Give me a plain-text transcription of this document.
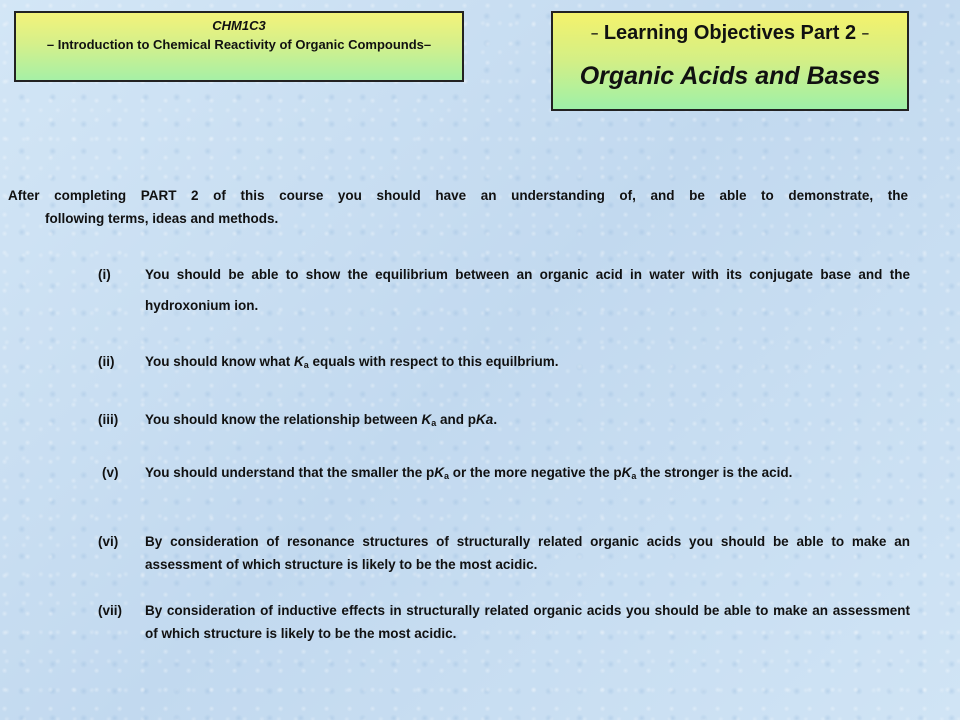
CHM1C3
– Introduction to Chemical Reactivity of Organic Compounds–
– Learning Objectives Part 2 –
Organic Acids and Bases
After completing PART 2 of this course you should have an understanding of, and be able to demonstrate, the
following terms, ideas and methods.
(i)	You should be able to show the equilibrium between an organic acid in water with its conjugate base and the hydroxonium ion.
(ii)	You should know what $K_a$ equals with respect to this equilbrium.
(iii)	You should know the relationship between $K_a$ and pKa.
(v)	You should understand that the smaller the $pK_a$ or the more negative the $pK_a$ the stronger is the acid.
(vi)	By consideration of resonance structures of structurally related organic acids you should be able to make an assessment of which structure is likely to be the most acidic.
(vii)	By consideration of inductive effects in structurally related organic acids you should be able to make an assessment of which structure is likely to be the most acidic.
